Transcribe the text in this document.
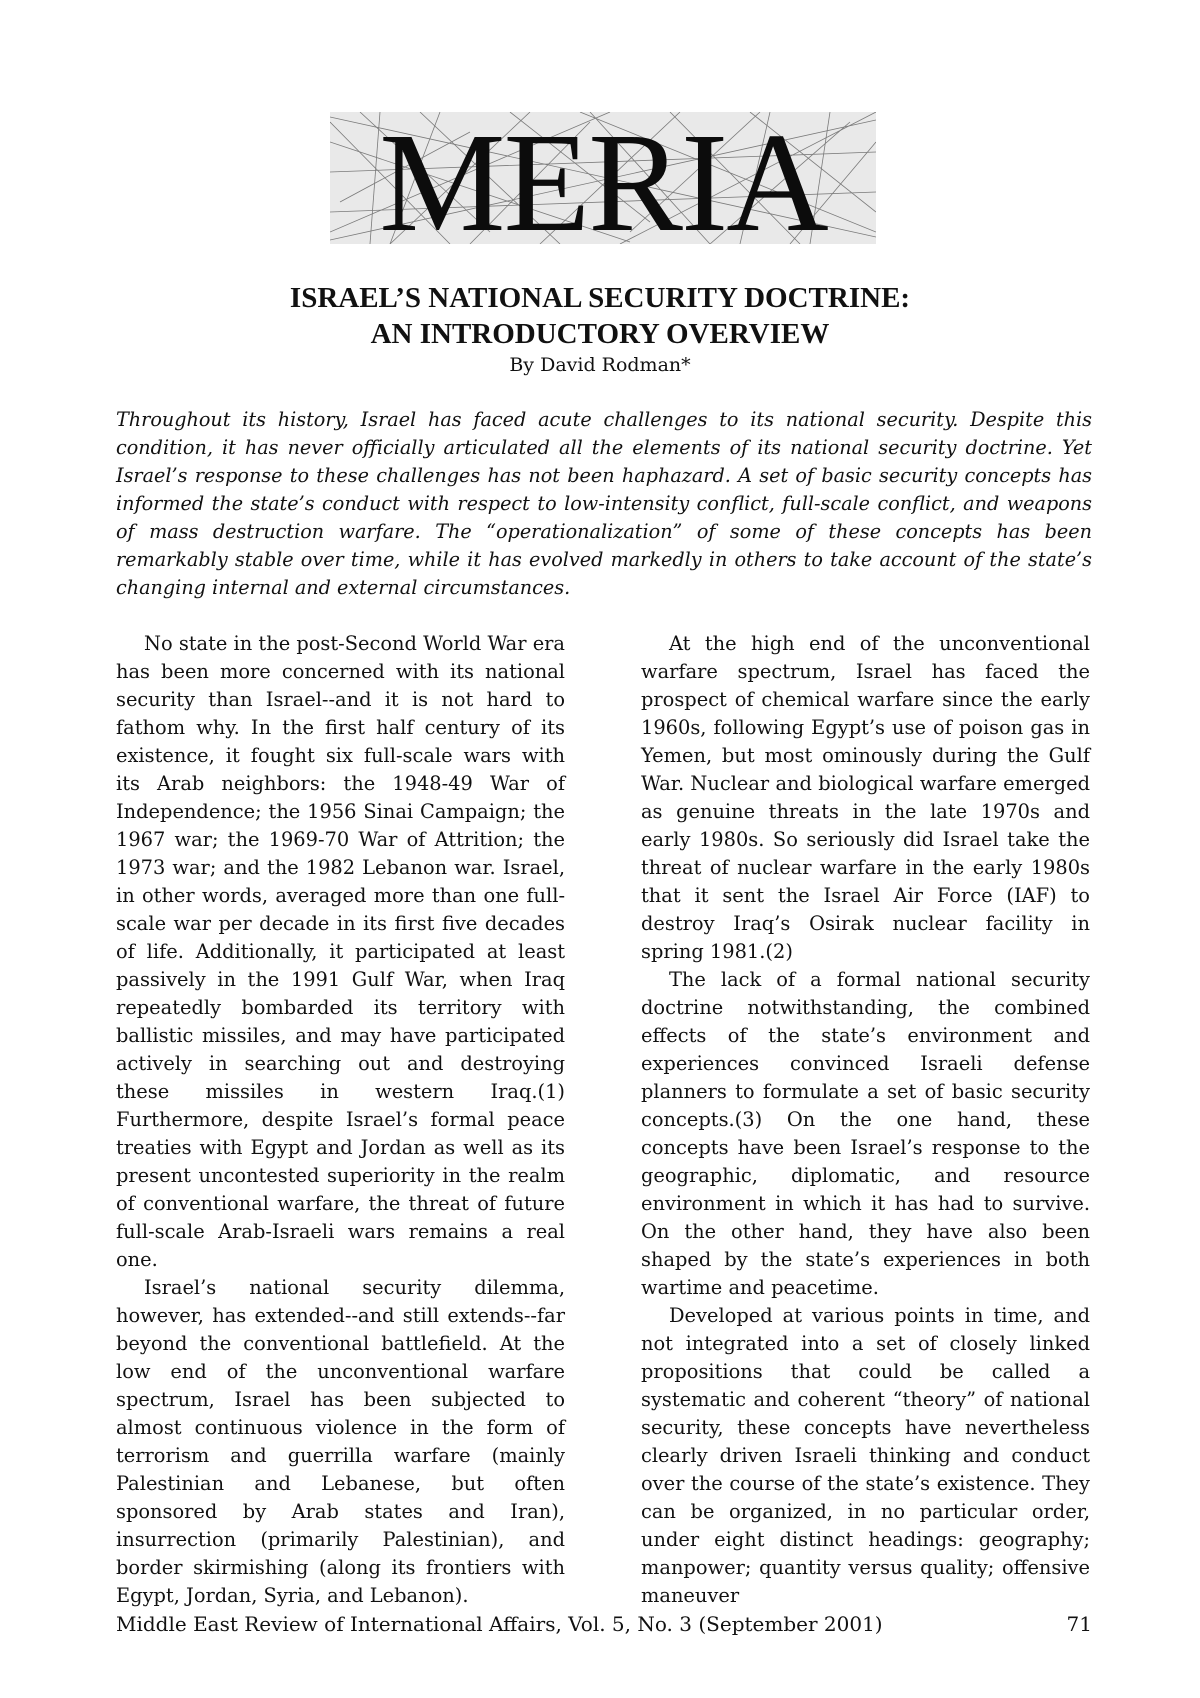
MERIA
ISRAEL’S NATIONAL SECURITY DOCTRINE:
AN INTRODUCTORY OVERVIEW
By David Rodman*
Throughout its history, Israel has faced acute challenges to its national security. Despite this condition, it has never officially articulated all the elements of its national security doctrine. Yet Israel’s response to these challenges has not been haphazard. A set of basic security concepts has informed the state’s conduct with respect to low-intensity conflict, full-scale conflict, and weapons of mass destruction warfare. The “operationalization” of some of these concepts has been remarkably stable over time, while it has evolved markedly in others to take account of the state’s changing internal and external circumstances.

No state in the post-Second World War era has been more concerned with its national security than Israel--and it is not hard to fathom why. In the first half century of its existence, it fought six full-scale wars with its Arab neighbors: the 1948-49 War of Independence; the 1956 Sinai Campaign; the 1967 war; the 1969-70 War of Attrition; the 1973 war; and the 1982 Lebanon war. Israel, in other words, averaged more than one full-scale war per decade in its first five decades of life. Additionally, it participated at least passively in the 1991 Gulf War, when Iraq repeatedly bombarded its territory with ballistic missiles, and may have participated actively in searching out and destroying these missiles in western Iraq.(1) Furthermore, despite Israel’s formal peace treaties with Egypt and Jordan as well as its present uncontested superiority in the realm of conventional warfare, the threat of future full-scale Arab-Israeli wars remains a real one.

Israel’s national security dilemma, however, has extended--and still extends--far beyond the conventional battlefield. At the low end of the unconventional warfare spectrum, Israel has been subjected to almost continuous violence in the form of terrorism and guerrilla warfare (mainly Palestinian and Lebanese, but often sponsored by Arab states and Iran), insurrection (primarily Palestinian), and border skirmishing (along its frontiers with Egypt, Jordan, Syria, and Lebanon).

At the high end of the unconventional warfare spectrum, Israel has faced the prospect of chemical warfare since the early 1960s, following Egypt’s use of poison gas in Yemen, but most ominously during the Gulf War. Nuclear and biological warfare emerged as genuine threats in the late 1970s and early 1980s. So seriously did Israel take the threat of nuclear warfare in the early 1980s that it sent the Israel Air Force (IAF) to destroy Iraq’s Osirak nuclear facility in spring 1981.(2)

The lack of a formal national security doctrine notwithstanding, the combined effects of the state’s environment and experiences convinced Israeli defense planners to formulate a set of basic security concepts.(3) On the one hand, these concepts have been Israel’s response to the geographic, diplomatic, and resource environment in which it has had to survive. On the other hand, they have also been shaped by the state’s experiences in both wartime and peacetime.

Developed at various points in time, and not integrated into a set of closely linked propositions that could be called a systematic and coherent “theory” of national security, these concepts have nevertheless clearly driven Israeli thinking and conduct over the course of the state’s existence. They can be organized, in no particular order, under eight distinct headings: geography; manpower; quantity versus quality; offensive maneuver

Middle East Review of International Affairs, Vol. 5, No. 3 (September 2001)	71
